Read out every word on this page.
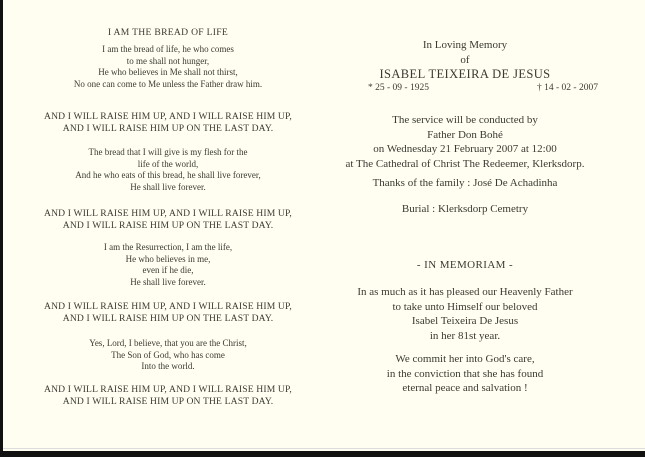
I AM THE BREAD OF LIFE
I am the bread of life, he who comes
to me shall not hunger,
He who believes in Me shall not thirst,
No one can come to Me unless the Father draw him.
AND I WILL RAISE HIM UP, AND I WILL RAISE HIM UP,
AND I WILL RAISE HIM UP ON THE LAST DAY.
The bread that I will give is my flesh for the
life of the world,
And he who eats of this bread, he shall live forever,
He shall live forever.
AND I WILL RAISE HIM UP, AND I WILL RAISE HIM UP,
AND I WILL RAISE HIM UP ON THE LAST DAY.
I am the Resurrection, I am the life,
He who believes in me,
even if he die,
He shall live forever.
AND I WILL RAISE HIM UP, AND I WILL RAISE HIM UP,
AND I WILL RAISE HIM UP ON THE LAST DAY.
Yes, Lord, I believe, that you are the Christ,
The Son of God, who has come
Into the world.
AND I WILL RAISE HIM UP, AND I WILL RAISE HIM UP,
AND I WILL RAISE HIM UP ON THE LAST DAY.
In Loving Memory
of
ISABEL TEIXEIRA DE JESUS
* 25 - 09 - 1925	† 14 - 02 - 2007
The service will be conducted by
Father Don Bohé
on Wednesday 21 February 2007 at 12:00
at The Cathedral of Christ The Redeemer, Klerksdorp.
Thanks of the family : José De Achadinha
Burial : Klerksdorp Cemetry
- IN MEMORIAM -
In as much as it has pleased our Heavenly Father
to take unto Himself our beloved
Isabel Teixeira De Jesus
in her 81st year.
We commit her into God's care,
in the conviction that she has found
eternal peace and salvation !
